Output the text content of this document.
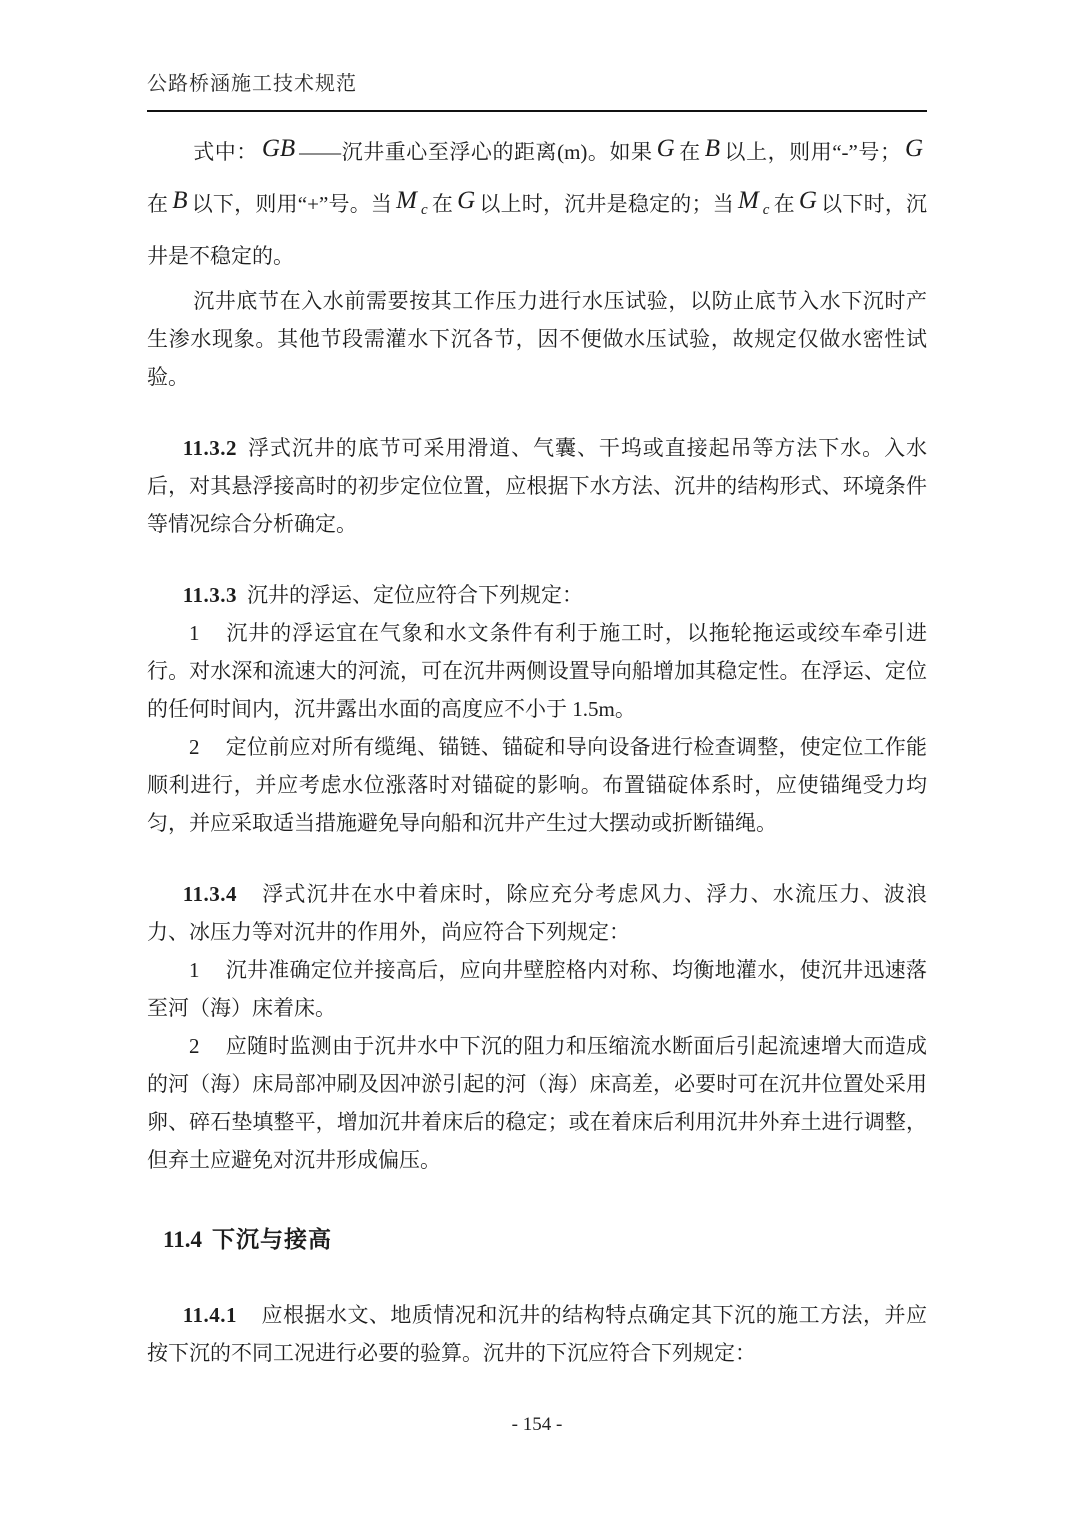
公路桥涵施工技术规范

式中： GB ——沉井重心至浮心的距离(m)。如果 G 在 B 以上，则用“-”号； G在 B 以下，则用“+”号。当 M c 在 G 以上时，沉井是稳定的；当 M c 在 G 以下时，沉井是不稳定的。

沉井底节在入水前需要按其工作压力进行水压试验，以防止底节入水下沉时产生渗水现象。其他节段需灌水下沉各节，因不便做水压试验，故规定仅做水密性试验。

11.3.2 浮式沉井的底节可采用滑道、气囊、干坞或直接起吊等方法下水。入水后，对其悬浮接高时的初步定位位置，应根据下水方法、沉井的结构形式、环境条件等情况综合分析确定。

11.3.3 沉井的浮运、定位应符合下列规定：

1 沉井的浮运宜在气象和水文条件有利于施工时，以拖轮拖运或绞车牵引进行。对水深和流速大的河流，可在沉井两侧设置导向船增加其稳定性。在浮运、定位的任何时间内，沉井露出水面的高度应不小于 1.5m。

2 定位前应对所有缆绳、锚链、锚碇和导向设备进行检查调整，使定位工作能顺利进行，并应考虑水位涨落时对锚碇的影响。布置锚碇体系时，应使锚绳受力均匀，并应采取适当措施避免导向船和沉井产生过大摆动或折断锚绳。

11.3.4 浮式沉井在水中着床时，除应充分考虑风力、浮力、水流压力、波浪力、冰压力等对沉井的作用外，尚应符合下列规定：

1 沉井准确定位并接高后，应向井壁腔格内对称、均衡地灌水，使沉井迅速落至河（海）床着床。

2 应随时监测由于沉井水中下沉的阻力和压缩流水断面后引起流速增大而造成的河（海）床局部冲刷及因冲淤引起的河（海）床高差，必要时可在沉井位置处采用卵、碎石垫填整平，增加沉井着床后的稳定；或在着床后利用沉井外弃土进行调整，但弃土应避免对沉井形成偏压。

11.4 下沉与接高

11.4.1 应根据水文、地质情况和沉井的结构特点确定其下沉的施工方法，并应按下沉的不同工况进行必要的验算。沉井的下沉应符合下列规定：

- 154 -
